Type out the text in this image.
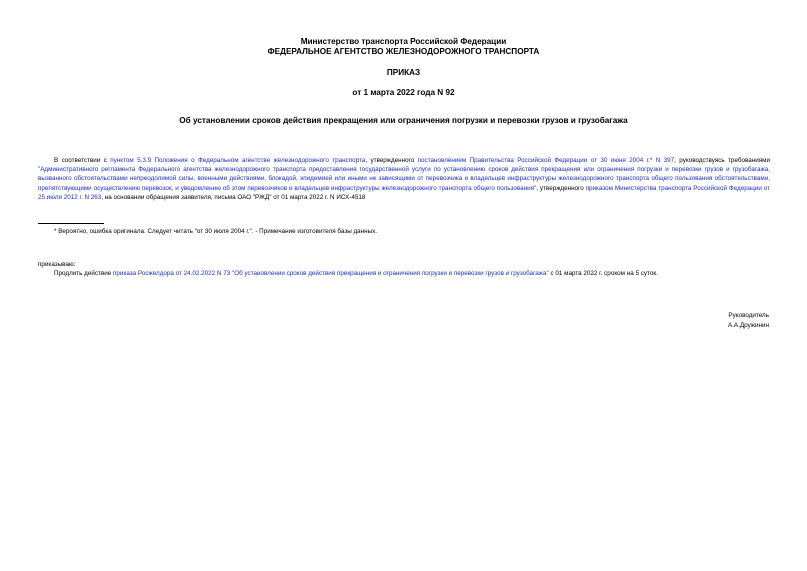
Министерство транспорта Российской Федерации
ФЕДЕРАЛЬНОЕ АГЕНТСТВО ЖЕЛЕЗНОДОРОЖНОГО ТРАНСПОРТА
ПРИКАЗ
от 1 марта 2022 года N 92
Об установлении сроков действия прекращения или ограничения погрузки и перевозки грузов и грузобагажа
В соответствии с пунктом 5.3.9 Положения о Федеральном агентстве железнодорожного транспорта, утвержденного постановлением Правительства Российской Федерации от 30 июня 2004 г.* N 397, руководствуясь требованиями "Административного регламента Федерального агентства железнодорожного транспорта предоставления государственной услуги по установлению сроков действия прекращения или ограничения погрузки и перевозки грузов и грузобагажа, вызванного обстоятельствами непреодолимой силы, военными действиями, блокадой, эпидемией или иными не зависящими от перевозчика и владельцев инфраструктуры железнодорожного транспорта общего пользования обстоятельствами, препятствующими осуществлению перевозок, и уведомлению об этом перевозчиков и владельцев инфраструктуры железнодорожного транспорта общего пользования", утвержденного приказом Министерства транспорта Российской Федерации от 25 июля 2012 г. N 263, на основании обращения заявителя, письма ОАО "РЖД" от 01 марта 2022 г. N ИСХ-4518
* Вероятно, ошибка оригинала. Следует читать "от 30 июля 2004 г.". - Примечание изготовителя базы данных.
приказываю:
Продлить действие приказа Росжелдора от 24.02.2022 N 73 "Об установлении сроков действия прекращения и ограничения погрузки и перевозки грузов и грузобагажа" с 01 марта 2022 г. сроком на 5 суток.
Руководитель
А.А.Дружинин
